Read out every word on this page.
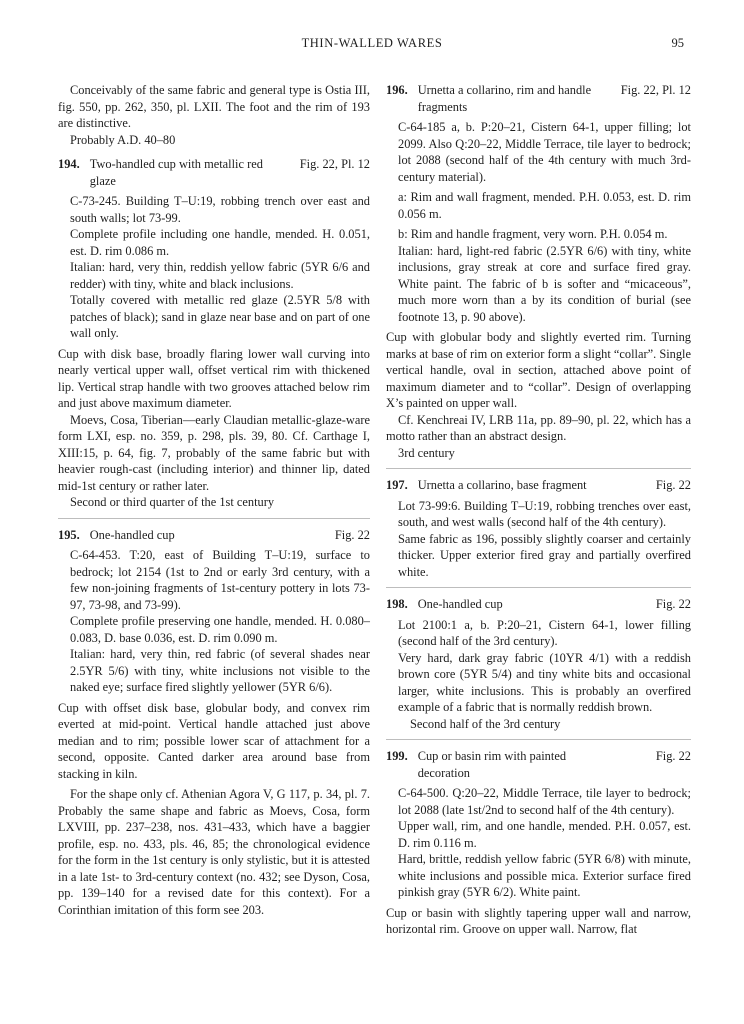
THIN-WALLED WARES	95

Conceivably of the same fabric and general type is Ostia III, fig. 550, pp. 262, 350, pl. LXII. The foot and the rim of 193 are distinctive.

Probably A.D. 40–80

194. Two-handled cup with metallic red glaze
Fig. 22, Pl. 12

C-73-245. Building T–U:19, robbing trench over east and south walls; lot 73-99.

Complete profile including one handle, mended. H. 0.051, est. D. rim 0.086 m.

Italian: hard, very thin, reddish yellow fabric (5YR 6/6 and redder) with tiny, white and black inclusions.

Totally covered with metallic red glaze (2.5YR 5/8 with patches of black); sand in glaze near base and on part of one wall only.

Cup with disk base, broadly flaring lower wall curving into nearly vertical upper wall, offset vertical rim with thickened lip. Vertical strap handle with two grooves attached below rim and just above maximum diameter.

Moevs, Cosa, Tiberian—early Claudian metallic-glaze-ware form LXI, esp. no. 359, p. 298, pls. 39, 80. Cf. Carthage I, XIII:15, p. 64, fig. 7, probably of the same fabric but with heavier rough-cast (including interior) and thinner lip, dated mid-1st century or rather later.

Second or third quarter of the 1st century

195. One-handled cup	Fig. 22

C-64-453. T:20, east of Building T–U:19, surface to bedrock; lot 2154 (1st to 2nd or early 3rd century, with a few non-joining fragments of 1st-century pottery in lots 73-97, 73-98, and 73-99).

Complete profile preserving one handle, mended. H. 0.080–0.083, D. base 0.036, est. D. rim 0.090 m.

Italian: hard, very thin, red fabric (of several shades near 2.5YR 5/6) with tiny, white inclusions not visible to the naked eye; surface fired slightly yellower (5YR 6/6).

Cup with offset disk base, globular body, and convex rim everted at mid-point. Vertical handle attached just above median and to rim; possible lower scar of attachment for a second, opposite. Canted darker area around base from stacking in kiln.

For the shape only cf. Athenian Agora V, G 117, p. 34, pl. 7. Probably the same shape and fabric as Moevs, Cosa, form LXVIII, pp. 237–238, nos. 431–433, which have a baggier profile, esp. no. 433, pls. 46, 85; the chronological evidence for the form in the 1st century is only stylistic, but it is attested in a late 1st- to 3rd-century context (no. 432; see Dyson, Cosa, pp. 139–140 for a revised date for this context). For a Corinthian imitation of this form see 203.

196. Urnetta a collarino, rim and handle fragments
Fig. 22, Pl. 12

C-64-185 a, b. P:20–21, Cistern 64-1, upper filling; lot 2099. Also Q:20–22, Middle Terrace, tile layer to bedrock; lot 2088 (second half of the 4th century with much 3rd-century material).

a: Rim and wall fragment, mended. P.H. 0.053, est. D. rim 0.056 m.

b: Rim and handle fragment, very worn. P.H. 0.054 m.

Italian: hard, light-red fabric (2.5YR 6/6) with tiny, white inclusions, gray streak at core and surface fired gray. White paint. The fabric of b is softer and “micaceous”, much more worn than a by its condition of burial (see footnote 13, p. 90 above).

Cup with globular body and slightly everted rim. Turning marks at base of rim on exterior form a slight “collar”. Single vertical handle, oval in section, attached above point of maximum diameter and to “collar”. Design of overlapping X’s painted on upper wall.

Cf. Kenchreai IV, LRB 11a, pp. 89–90, pl. 22, which has a motto rather than an abstract design.

3rd century

197. Urnetta a collarino, base fragment	Fig. 22

Lot 73-99:6. Building T–U:19, robbing trenches over east, south, and west walls (second half of the 4th century).

Same fabric as 196, possibly slightly coarser and certainly thicker. Upper exterior fired gray and partially overfired white.

198. One-handled cup	Fig. 22

Lot 2100:1 a, b. P:20–21, Cistern 64-1, lower filling (second half of the 3rd century).

Very hard, dark gray fabric (10YR 4/1) with a reddish brown core (5YR 5/4) and tiny white bits and occasional larger, white inclusions. This is probably an overfired example of a fabric that is normally reddish brown.

Second half of the 3rd century

199. Cup or basin rim with painted decoration
Fig. 22

C-64-500. Q:20–22, Middle Terrace, tile layer to bedrock; lot 2088 (late 1st/2nd to second half of the 4th century).

Upper wall, rim, and one handle, mended. P.H. 0.057, est. D. rim 0.116 m.

Hard, brittle, reddish yellow fabric (5YR 6/8) with minute, white inclusions and possible mica. Exterior surface fired pinkish gray (5YR 6/2). White paint.

Cup or basin with slightly tapering upper wall and narrow, horizontal rim. Groove on upper wall. Narrow, flat
